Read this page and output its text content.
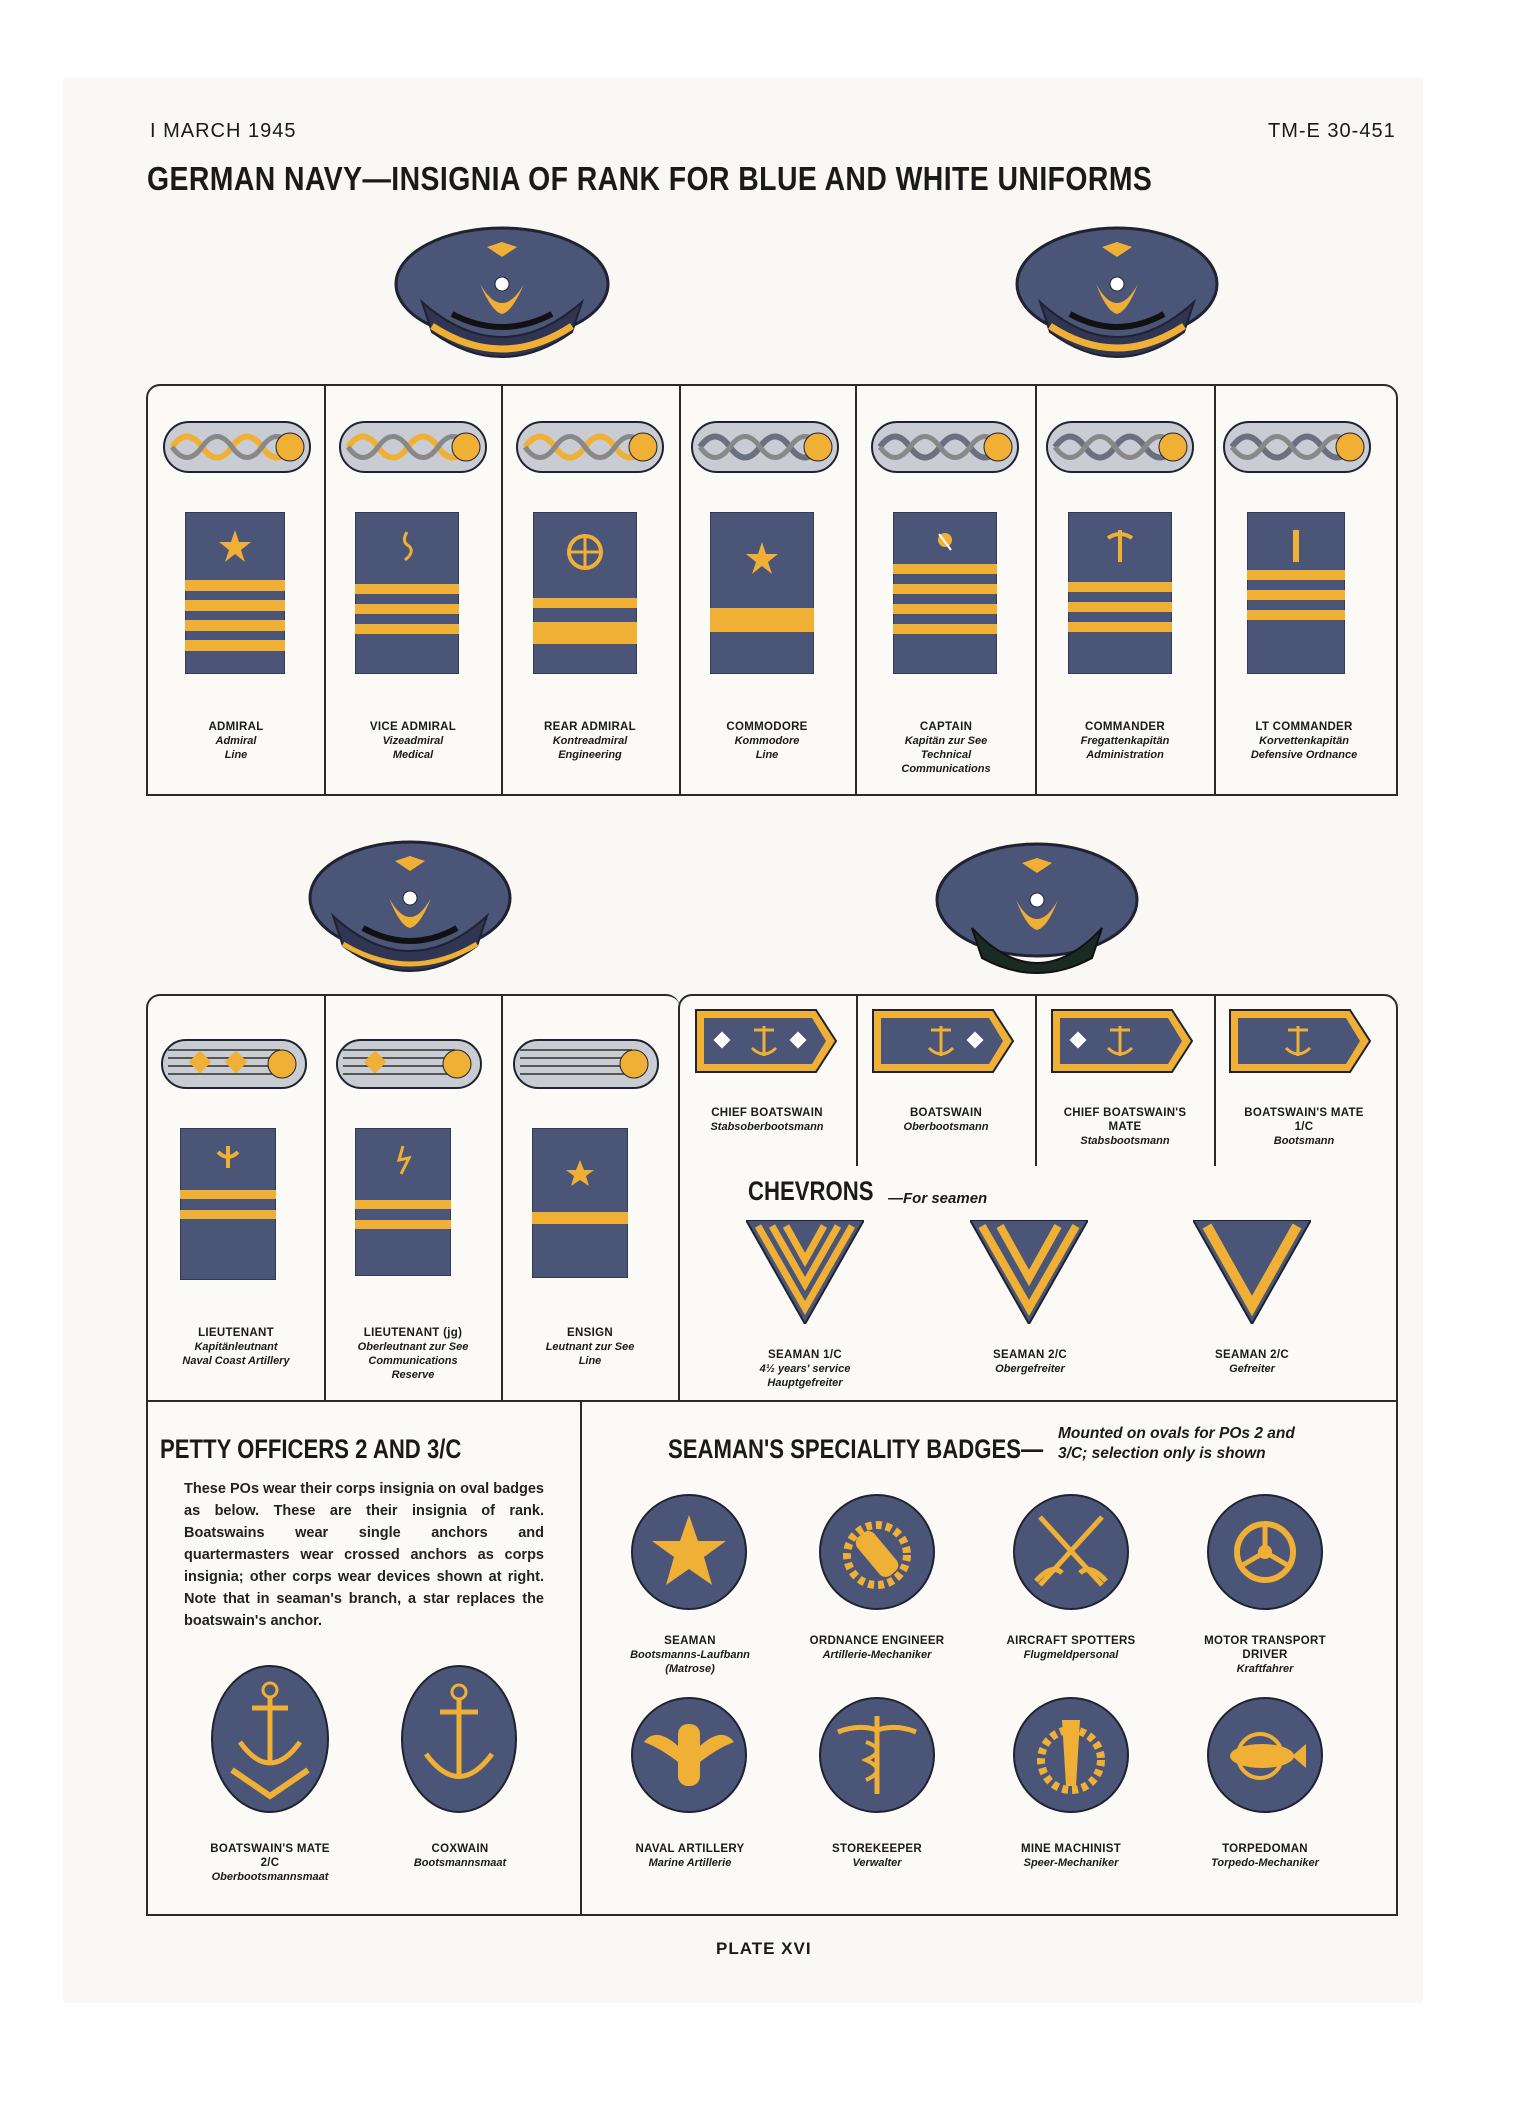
I MARCH 1945	TM-E 30-451
GERMAN NAVY—INSIGNIA OF RANK FOR BLUE AND WHITE UNIFORMS
ADMIRAL
Admiral
Line
VICE ADMIRAL
Vizeadmiral
Medical
REAR ADMIRAL
Kontreadmiral
Engineering
COMMODORE
Kommodore
Line
CAPTAIN
Kapitän zur See
Technical
Communications
COMMANDER
Fregattenkapitän
Administration
LT COMMANDER
Korvettenkapitän
Defensive Ordnance
LIEUTENANT
Kapitänleutnant
Naval Coast Artillery
LIEUTENANT (jg)
Oberleutnant zur See
Communications
Reserve
ENSIGN
Leutnant zur See
Line
CHIEF BOATSWAIN
Stabsoberbootsmann
BOATSWAIN
Oberbootsmann
CHIEF BOATSWAIN'S
MATE
Stabsbootsmann
BOATSWAIN'S MATE
1/C
Bootsmann
CHEVRONS —For seamen
SEAMAN 1/C
4½ years' service
Hauptgefreiter
SEAMAN 2/C
Obergefreiter
SEAMAN 2/C
Gefreiter
PETTY OFFICERS 2 AND 3/C
These POs wear their corps insignia on oval badges as below. These are their insignia of rank. Boatswains wear single anchors and quartermasters wear crossed anchors as corps insignia; other corps wear devices shown at right. Note that in seaman's branch, a star replaces the boatswain's anchor.
BOATSWAIN'S MATE
2/C
Oberbootsmannsmaat
COXWAIN
Bootsmannsmaat
SEAMAN'S SPECIALITY BADGES—
Mounted on ovals for POs 2 and
3/C; selection only is shown
SEAMAN
Bootsmanns-Laufbann
(Matrose)
ORDNANCE ENGINEER
Artillerie-Mechaniker
AIRCRAFT SPOTTERS
Flugmeldpersonal
MOTOR TRANSPORT
DRIVER
Kraftfahrer
NAVAL ARTILLERY
Marine Artillerie
STOREKEEPER
Verwalter
MINE MACHINIST
Speer-Mechaniker
TORPEDOMAN
Torpedo-Mechaniker
PLATE XVI
